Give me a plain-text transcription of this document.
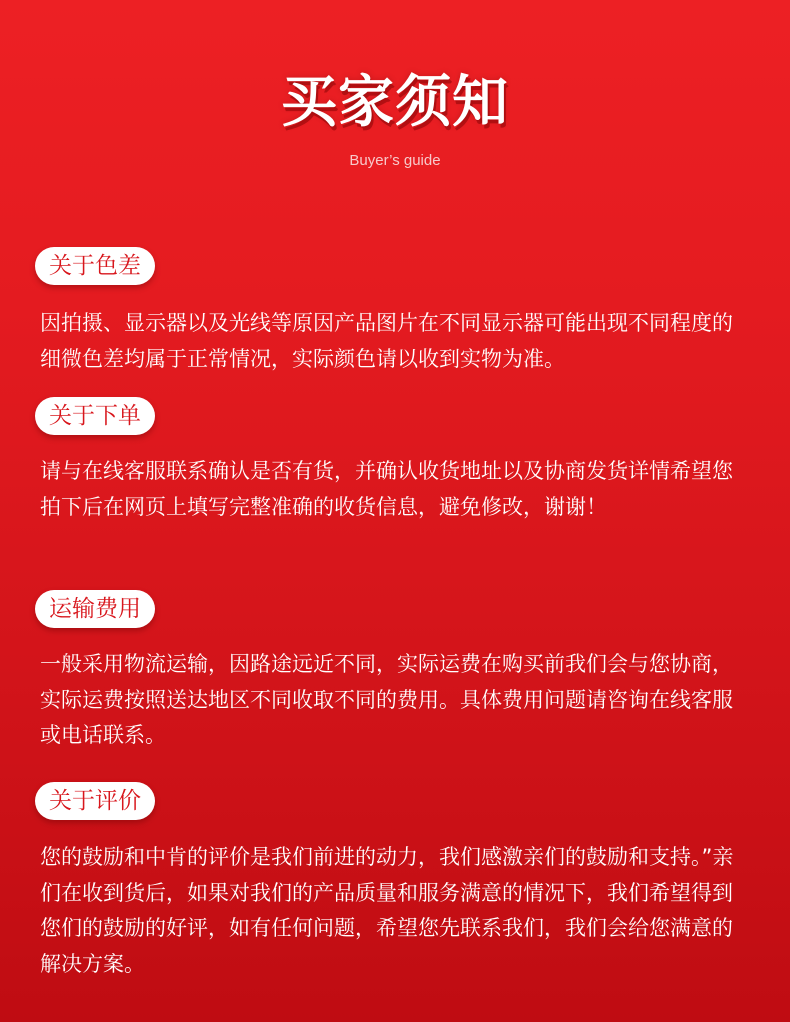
买家须知
Buyer’s guide
关于色差

因拍摄、显示器以及光线等原因产品图片在不同显示器可能出现不同程度的细微色差均属于正常情况，实际颜色请以收到实物为准。

关于下单

请与在线客服联系确认是否有货，并确认收货地址以及协商发货详情希望您拍下后在网页上填写完整准确的收货信息，避免修改，谢谢！

运输费用

一般采用物流运输，因路途远近不同，实际运费在购买前我们会与您协商，实际运费按照送达地区不同收取不同的费用。具体费用问题请咨询在线客服或电话联系。

关于评价

您的鼓励和中肯的评价是我们前进的动力，我们感激亲们的鼓励和支持。”亲们在收到货后，如果对我们的产品质量和服务满意的情况下，我们希望得到您们的鼓励的好评，如有任何问题，希望您先联系我们，我们会给您满意的解决方案。
